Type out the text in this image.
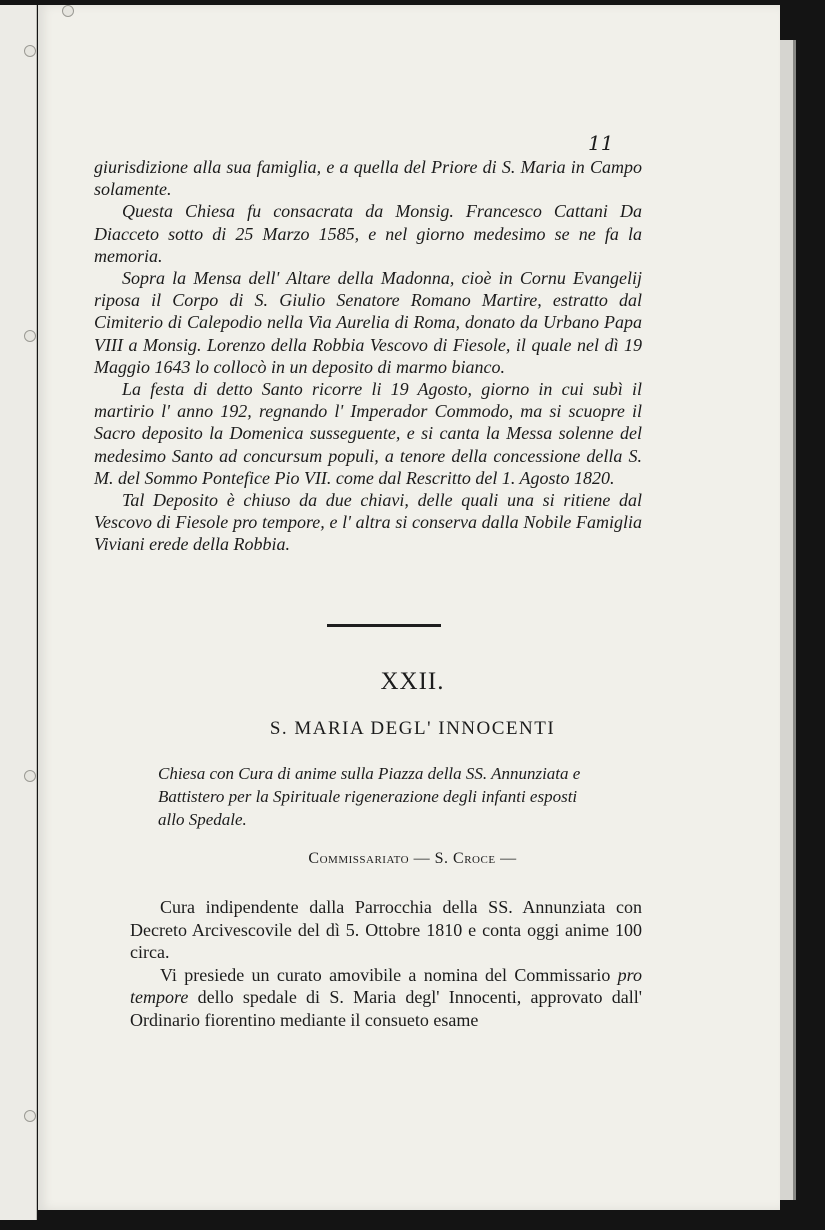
11

giurisdizione alla sua famiglia, e a quella del Priore di S. Maria in Campo solamente.

Questa Chiesa fu consacrata da Monsig. Francesco Cattani Da Diacceto sotto di 25 Marzo 1585, e nel giorno medesimo se ne fa la memoria.

Sopra la Mensa dell' Altare della Madonna, cioè in Cornu Evangelij riposa il Corpo di S. Giulio Senatore Romano Martire, estratto dal Cimiterio di Calepodio nella Via Aurelia di Roma, donato da Urbano Papa VIII a Monsig. Lorenzo della Robbia Vescovo di Fiesole, il quale nel dì 19 Maggio 1643 lo collocò in un deposito di marmo bianco.

La festa di detto Santo ricorre li 19 Agosto, giorno in cui subì il martirio l' anno 192, regnando l' Imperador Commodo, ma si scuopre il Sacro deposito la Domenica susseguente, e si canta la Messa solenne del medesimo Santo ad concursum populi, a tenore della concessione della S. M. del Sommo Pontefice Pio VII. come dal Rescritto del 1. Agosto 1820.

Tal Deposito è chiuso da due chiavi, delle quali una si ritiene dal Vescovo di Fiesole pro tempore, e l' altra si conserva dalla Nobile Famiglia Viviani erede della Robbia.

XXII.
S. MARIA DEGL' INNOCENTI
Chiesa con Cura di anime sulla Piazza della SS. Annunziata e
Battistero per la Spirituale rigenerazione degli infanti esposti
allo Spedale.
Commissariato — S. Croce —

Cura indipendente dalla Parrocchia della SS. Annunziata con Decreto Arcivescovile del dì 5. Ottobre 1810 e conta oggi anime 100 circa.

Vi presiede un curato amovibile a nomina del Commissario pro tempore dello spedale di S. Maria degl' Innocenti, approvato dall' Ordinario fiorentino mediante il consueto esame
